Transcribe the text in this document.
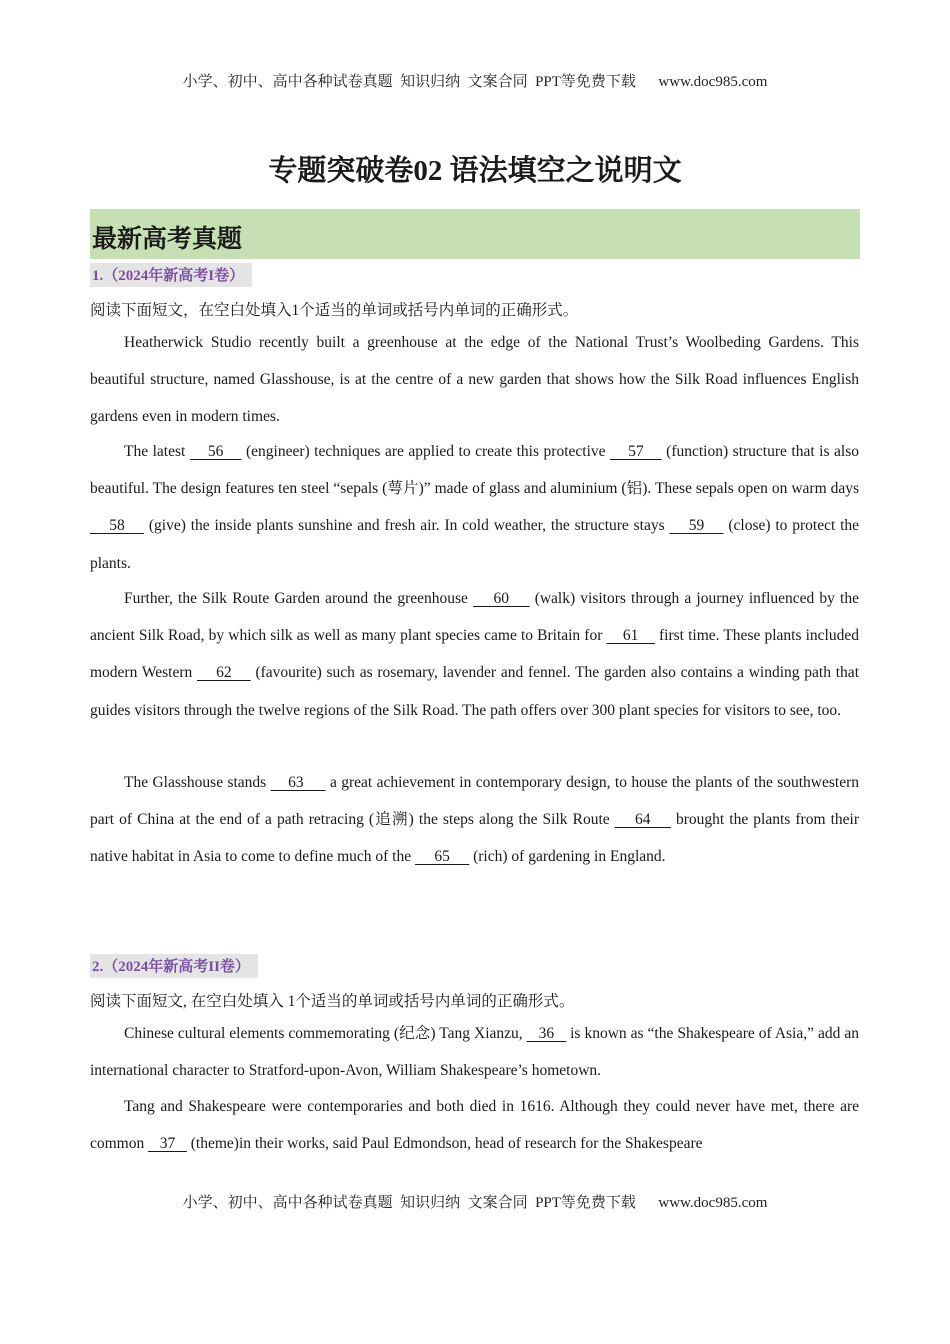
小学、初中、高中各种试卷真题  知识归纳  文案合同  PPT等免费下载      www.doc985.com
专题突破卷02 语法填空之说明文
最新高考真题
1.（2024年新高考I卷）
阅读下面短文，在空白处填入1个适当的单词或括号内单词的正确形式。

Heatherwick Studio recently built a greenhouse at the edge of the National Trust’s Woolbeding Gardens. This beautiful structure, named Glasshouse, is at the centre of a new garden that shows how the Silk Road influences English gardens even in modern times.

The latest     56     (engineer) techniques are applied to create this protective     57     (function) structure that is also beautiful. The design features ten steel “sepals (萼片)” made of glass and aluminium (铝). These sepals open on warm days     58     (give) the inside plants sunshine and fresh air. In cold weather, the structure stays     59     (close) to protect the plants.

Further, the Silk Route Garden around the greenhouse     60     (walk) visitors through a journey influenced by the ancient Silk Road, by which silk as well as many plant species came to Britain for     61     first time. These plants included modern Western     62     (favourite) such as rosemary, lavender and fennel. The garden also contains a winding path that guides visitors through the twelve regions of the Silk Road. The path offers over 300 plant species for visitors to see, too.

The Glasshouse stands     63      a great achievement in contemporary design, to house the plants of the southwestern part of China at the end of a path retracing (追溯) the steps along the Silk Route     64     brought the plants from their native habitat in Asia to come to define much of the      65      (rich) of gardening in England.

2.（2024年新高考II卷）
阅读下面短文, 在空白处填入 1个适当的单词或括号内单词的正确形式。

Chinese cultural elements commemorating (纪念) Tang Xianzu,    36    is known as “the Shakespeare of Asia,” add an international character to Stratford-upon-Avon, William Shakespeare’s hometown.

Tang and Shakespeare were contemporaries and both died in 1616. Although they could never have met, there are common    37    (theme)in their works, said Paul Edmondson, head of research for the Shakespeare

小学、初中、高中各种试卷真题  知识归纳  文案合同  PPT等免费下载      www.doc985.com
